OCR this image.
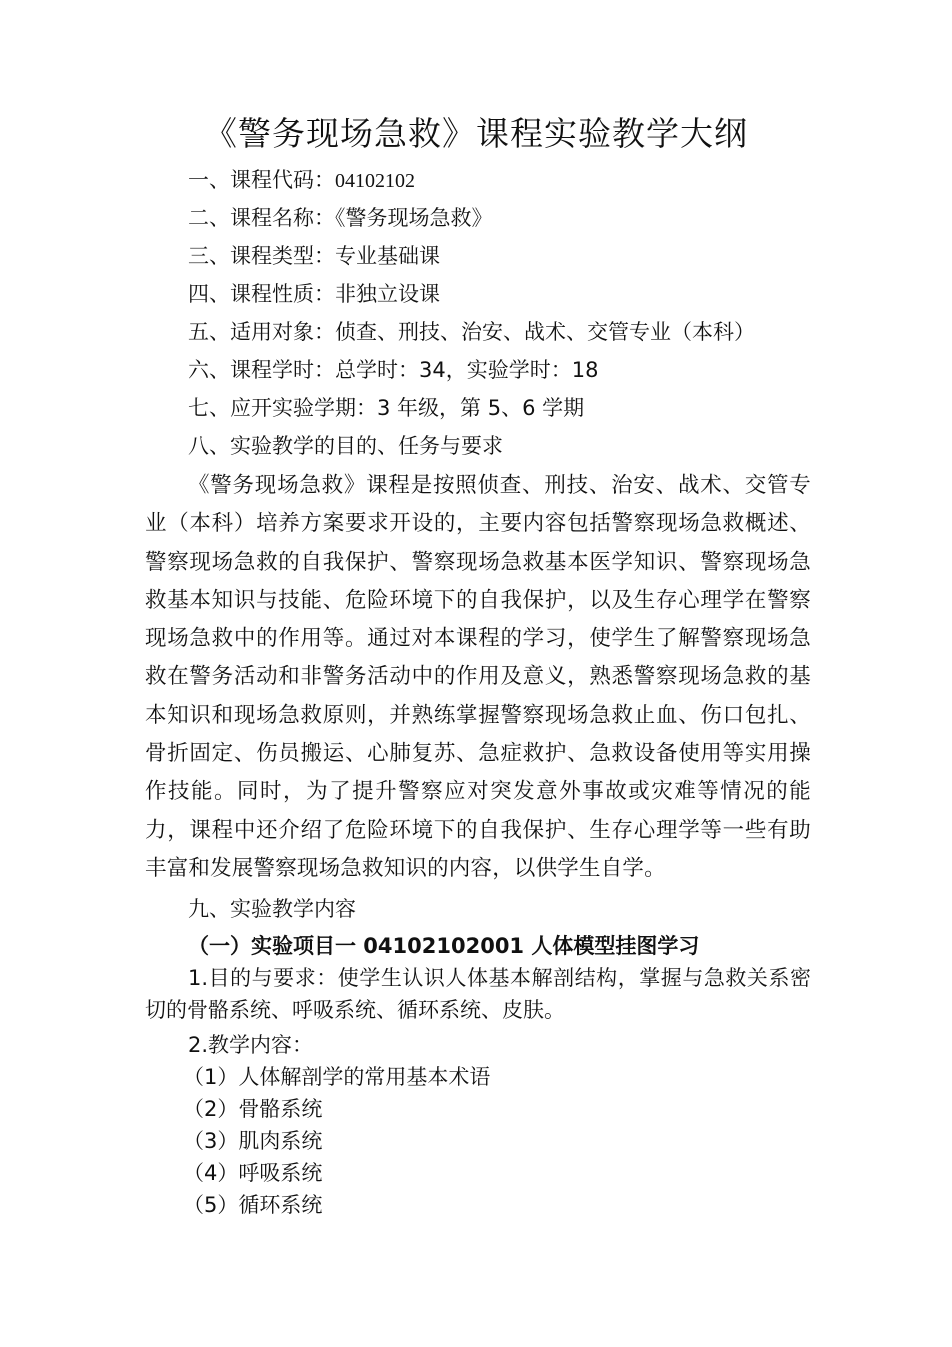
《警务现场急救》课程实验教学大纲
一、课程代码：04102102
二、课程名称：《警务现场急救》
三、课程类型：专业基础课
四、课程性质：非独立设课
五、适用对象：侦查、刑技、治安、战术、交管专业（本科）
六、课程学时：总学时：34，实验学时：18
七、应开实验学期：3 年级，第 5、6 学期
八、实验教学的目的、任务与要求

《警务现场急救》课程是按照侦查、刑技、治安、战术、交管专业（本科）培养方案要求开设的，主要内容包括警察现场急救概述、警察现场急救的自我保护、警察现场急救基本医学知识、警察现场急救基本知识与技能、危险环境下的自我保护，以及生存心理学在警察现场急救中的作用等。通过对本课程的学习，使学生了解警察现场急救在警务活动和非警务活动中的作用及意义，熟悉警察现场急救的基本知识和现场急救原则，并熟练掌握警察现场急救止血、伤口包扎、骨折固定、伤员搬运、心肺复苏、急症救护、急救设备使用等实用操作技能。同时，为了提升警察应对突发意外事故或灾难等情况的能力，课程中还介绍了危险环境下的自我保护、生存心理学等一些有助丰富和发展警察现场急救知识的内容，以供学生自学。

九、实验教学内容
（一）实验项目一 04102102001 人体模型挂图学习

1.目的与要求：使学生认识人体基本解剖结构，掌握与急救关系密切的骨骼系统、呼吸系统、循环系统、皮肤。

2.教学内容：
（1）人体解剖学的常用基本术语
（2）骨骼系统
（3）肌肉系统
（4）呼吸系统
（5）循环系统
